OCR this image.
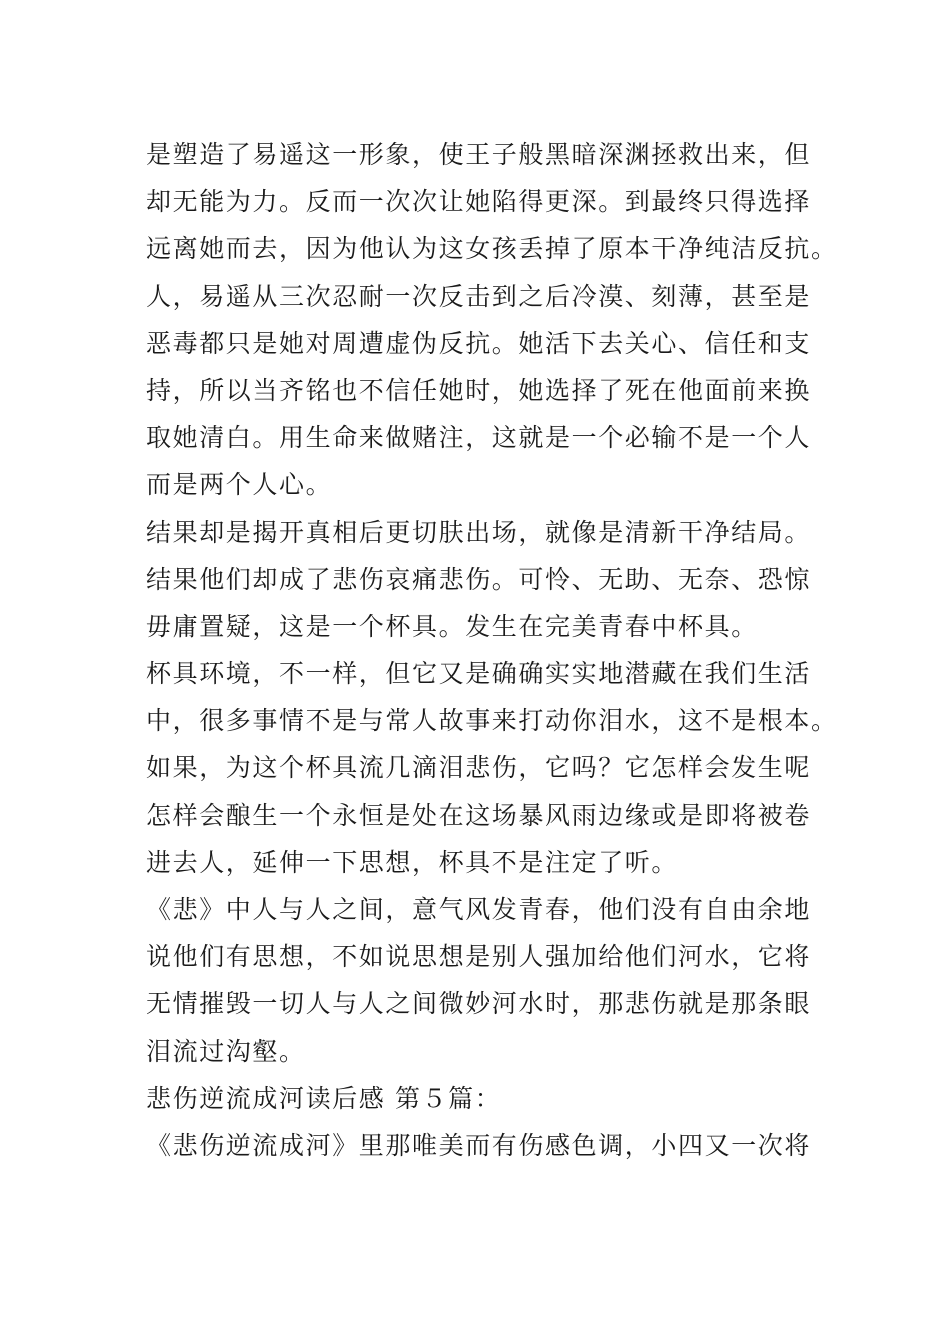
是塑造了易遥这一形象，使王子般黑暗深渊拯救出来，但
却无能为力。反而一次次让她陷得更深。到最终只得选择
远离她而去，因为他认为这女孩丢掉了原本干净纯洁反抗。
人，易遥从三次忍耐一次反击到之后冷漠、刻薄，甚至是
恶毒都只是她对周遭虚伪反抗。她活下去关心、信任和支
持，所以当齐铭也不信任她时，她选择了死在他面前来换
取她清白。用生命来做赌注，这就是一个必输不是一个人
而是两个人心。
结果却是揭开真相后更切肤出场，就像是清新干净结局。
结果他们却成了悲伤哀痛悲伤。可怜、无助、无奈、恐惊
毋庸置疑，这是一个杯具。发生在完美青春中杯具。
杯具环境，不一样，但它又是确确实实地潜藏在我们生活
中，很多事情不是与常人故事来打动你泪水，这不是根本。
如果，为这个杯具流几滴泪悲伤，它吗？它怎样会发生呢
怎样会酿生一个永恒是处在这场暴风雨边缘或是即将被卷
进去人，延伸一下思想，杯具不是注定了听。
《悲》中人与人之间，意气风发青春，他们没有自由余地
说他们有思想，不如说思想是别人强加给他们河水，它将
无情摧毁一切人与人之间微妙河水时，那悲伤就是那条眼
泪流过沟壑。
悲伤逆流成河读后感 第５篇：
《悲伤逆流成河》里那唯美而有伤感色调，小四又一次将
